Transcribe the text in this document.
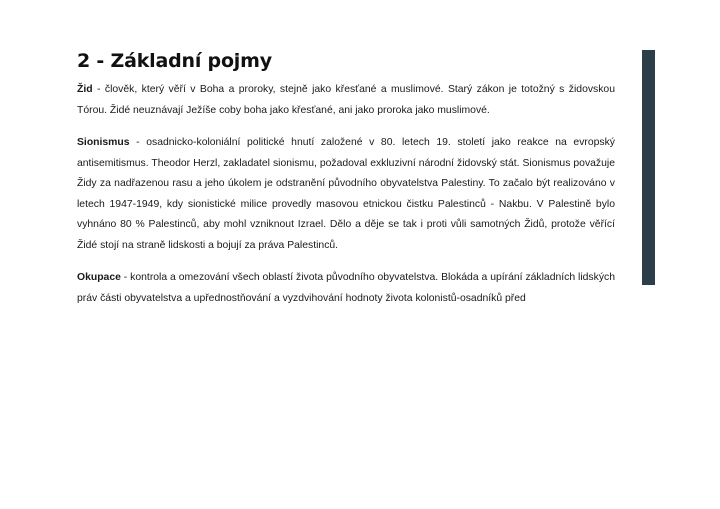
2 - Základní pojmy

Žid - člověk, který věří v Boha a proroky, stejně jako křesťané a muslimové. Starý zákon je totožný s židovskou Tórou. Židé neuznávají Ježíše coby boha jako křesťané, ani jako proroka jako muslimové.

Sionismus - osadnicko-koloniální politické hnutí založené v 80. letech 19. století jako reakce na evropský antisemitismus. Theodor Herzl, zakladatel sionismu, požadoval exkluzivní národní židovský stát. Sionismus považuje Židy za nadřazenou rasu a jeho úkolem je odstranění původního obyvatelstva Palestiny. To začalo být realizováno v letech 1947-1949, kdy sionistické milice provedly masovou etnickou čistku Palestinců - Nakbu. V Palestině bylo vyhnáno 80 % Palestinců, aby mohl vzniknout Izrael. Dělo a děje se tak i proti vůli samotných Židů, protože věřící Židé stojí na straně lidskosti a bojují za práva Palestinců.

Okupace - kontrola a omezování všech oblastí života původního obyvatelstva. Blokáda a upírání základních lidských práv části obyvatelstva a upřednostňování a vyzdvihování hodnoty života kolonistů-osadníků před
